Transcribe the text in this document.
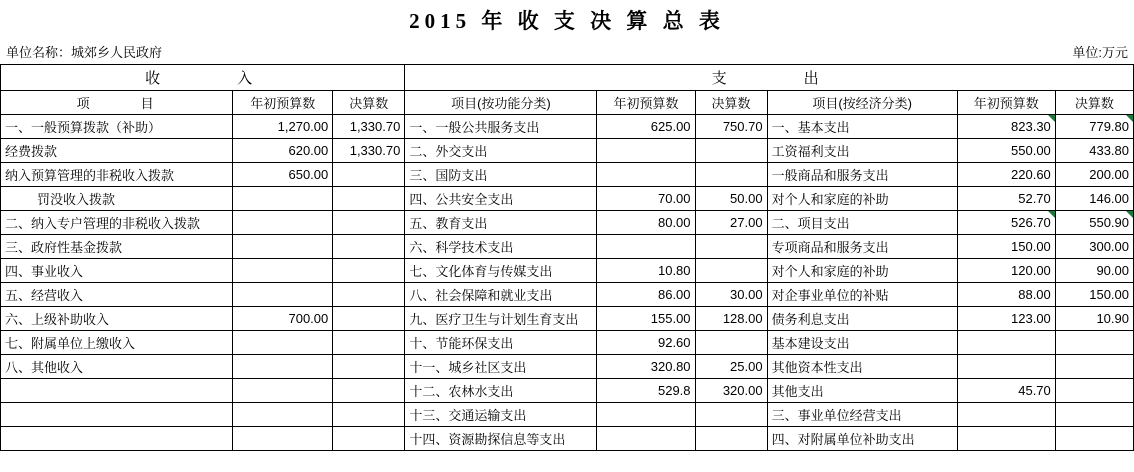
2015 年 收 支 决 算 总 表
单位名称：城郊乡人民政府	单位:万元
收　　　入			支　　　出					
项　　　目	年初预算数	决算数	项目(按功能分类)	年初预算数	决算数	项目(按经济分类)	年初预算数	决算数
一、一般预算拨款（补助）	1,270.00	1,330.70	一、一般公共服务支出	625.00	750.70	一、基本支出	823.30	779.80
经费拨款	620.00	1,330.70	二、外交支出			工资福利支出	550.00	433.80
纳入预算管理的非税收入拨款	650.00		三、国防支出			一般商品和服务支出	220.60	200.00
罚没收入拨款			四、公共安全支出	70.00	50.00	对个人和家庭的补助	52.70	146.00
二、纳入专户管理的非税收入拨款			五、教育支出	80.00	27.00	二、项目支出	526.70	550.90
三、政府性基金拨款			六、科学技术支出			专项商品和服务支出	150.00	300.00
四、事业收入			七、文化体育与传媒支出	10.80		对个人和家庭的补助	120.00	90.00
五、经营收入			八、社会保障和就业支出	86.00	30.00	对企事业单位的补贴	88.00	150.00
六、上级补助收入	700.00		九、医疗卫生与计划生育支出	155.00	128.00	债务利息支出	123.00	10.90
七、附属单位上缴收入			十、节能环保支出	92.60		基本建设支出		
八、其他收入			十一、城乡社区支出	320.80	25.00	其他资本性支出		
			十二、农林水支出	529.8	320.00	其他支出	45.70	
			十三、交通运输支出			三、事业单位经营支出		
			十四、资源勘探信息等支出			四、对附属单位补助支出		
